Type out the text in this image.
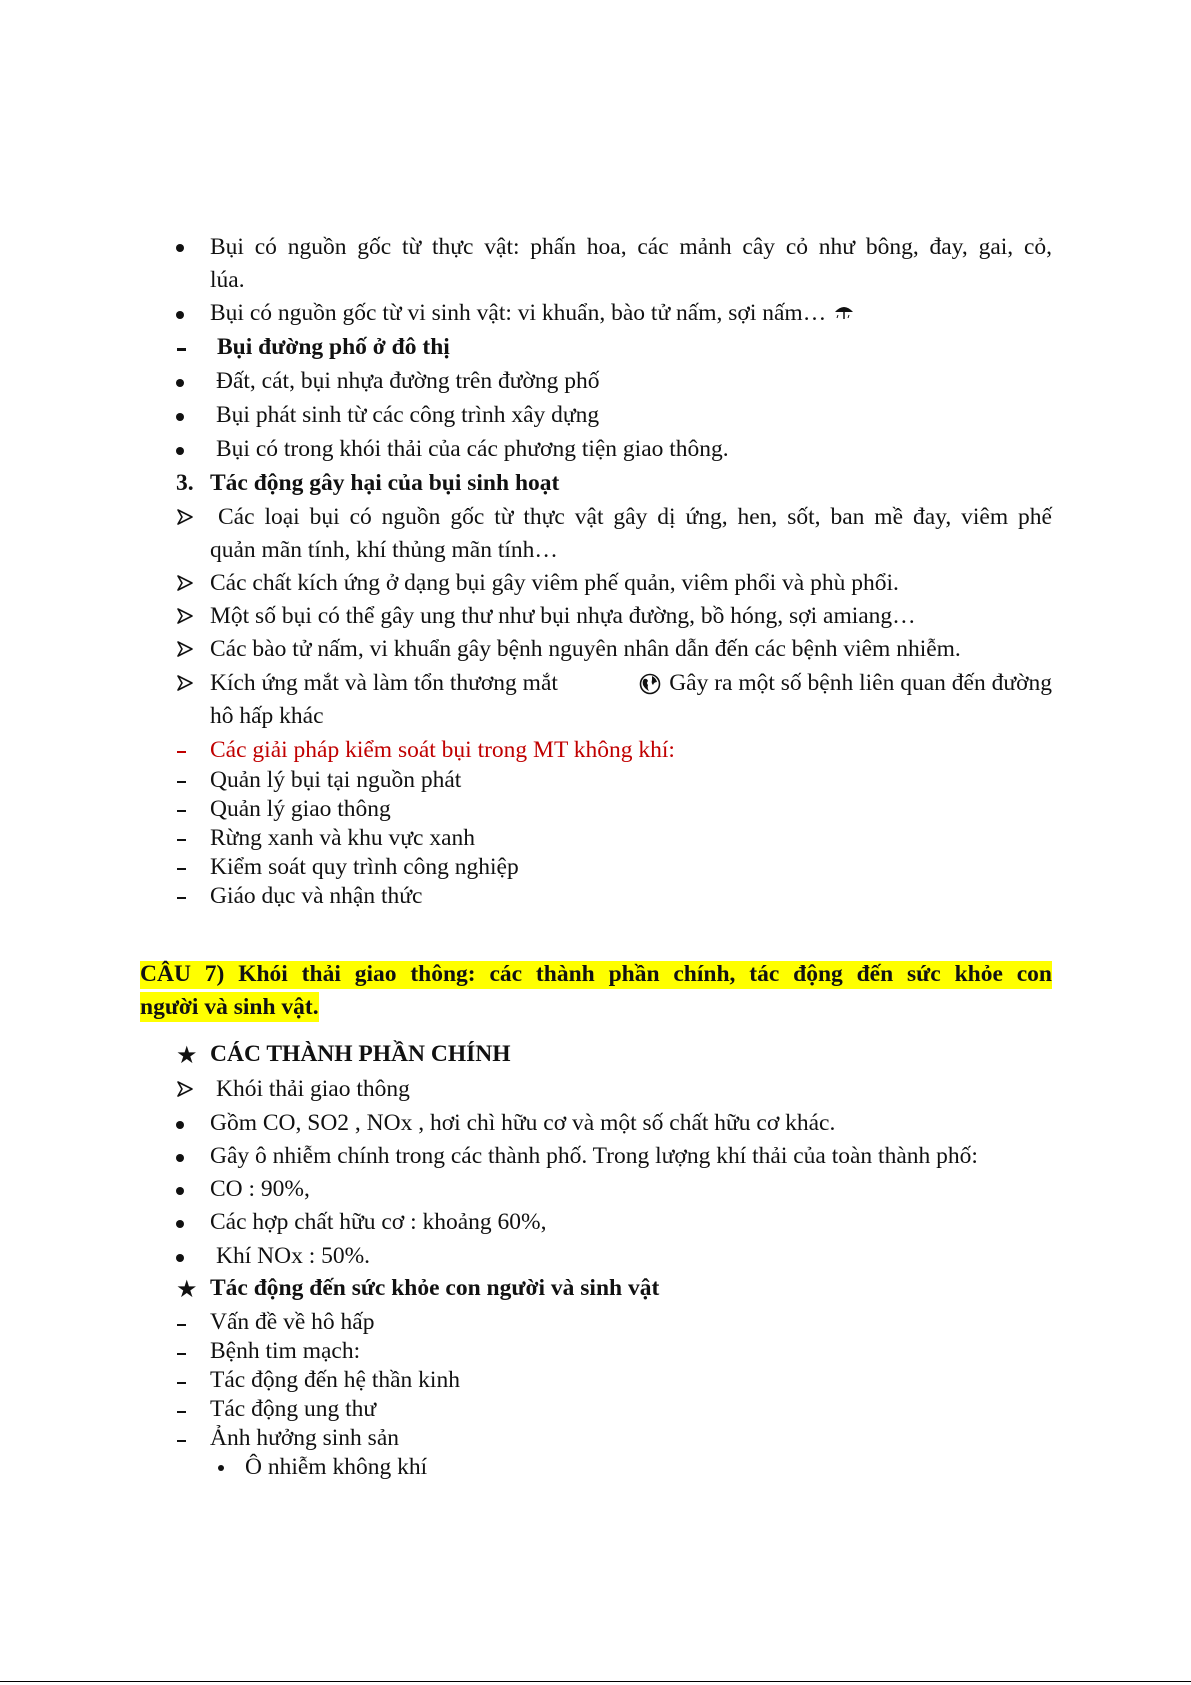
Bụi có nguồn gốc từ thực vật: phấn hoa, các mảnh cây cỏ như bông, đay, gai, cỏ,
lúa.
Bụi có nguồn gốc từ vi sinh vật: vi khuẩn, bào tử nấm, sợi nấm…
Bụi đường phố ở đô thị
Đất, cát, bụi nhựa đường trên đường phố
Bụi phát sinh từ các công trình xây dựng
Bụi có trong khói thải của các phương tiện giao thông.
3. Tác động gây hại của bụi sinh hoạt
Các loại bụi có nguồn gốc từ thực vật gây dị ứng, hen, sốt, ban mề đay, viêm phế
quản mãn tính, khí thủng mãn tính…
Các chất kích ứng ở dạng bụi gây viêm phế quản, viêm phổi và phù phổi.
Một số bụi có thể gây ung thư như bụi nhựa đường, bồ hóng, sợi amiang…
Các bào tử nấm, vi khuẩn gây bệnh nguyên nhân dẫn đến các bệnh viêm nhiễm.
Kích ứng mắt và làm tổn thương mắt	Gây ra một số bệnh liên quan đến đường
hô hấp khác
Các giải pháp kiểm soát bụi trong MT không khí:
Quản lý bụi tại nguồn phát
Quản lý giao thông
Rừng xanh và khu vực xanh
Kiểm soát quy trình công nghiệp
Giáo dục và nhận thức
CÂU 7) Khói thải giao thông: các thành phần chính, tác động đến sức khỏe con
người và sinh vật.
★ CÁC THÀNH PHẦN CHÍNH
Khói thải giao thông
Gồm CO, SO2 , NOx , hơi chì hữu cơ và một số chất hữu cơ khác.
Gây ô nhiễm chính trong các thành phố. Trong lượng khí thải của toàn thành phố:
CO : 90%,
Các hợp chất hữu cơ : khoảng 60%,
Khí NOx : 50%.
★ Tác động đến sức khỏe con người và sinh vật
Vấn đề về hô hấp
Bệnh tim mạch:
Tác động đến hệ thần kinh
Tác động ung thư
Ảnh hưởng sinh sản
Ô nhiễm không khí
